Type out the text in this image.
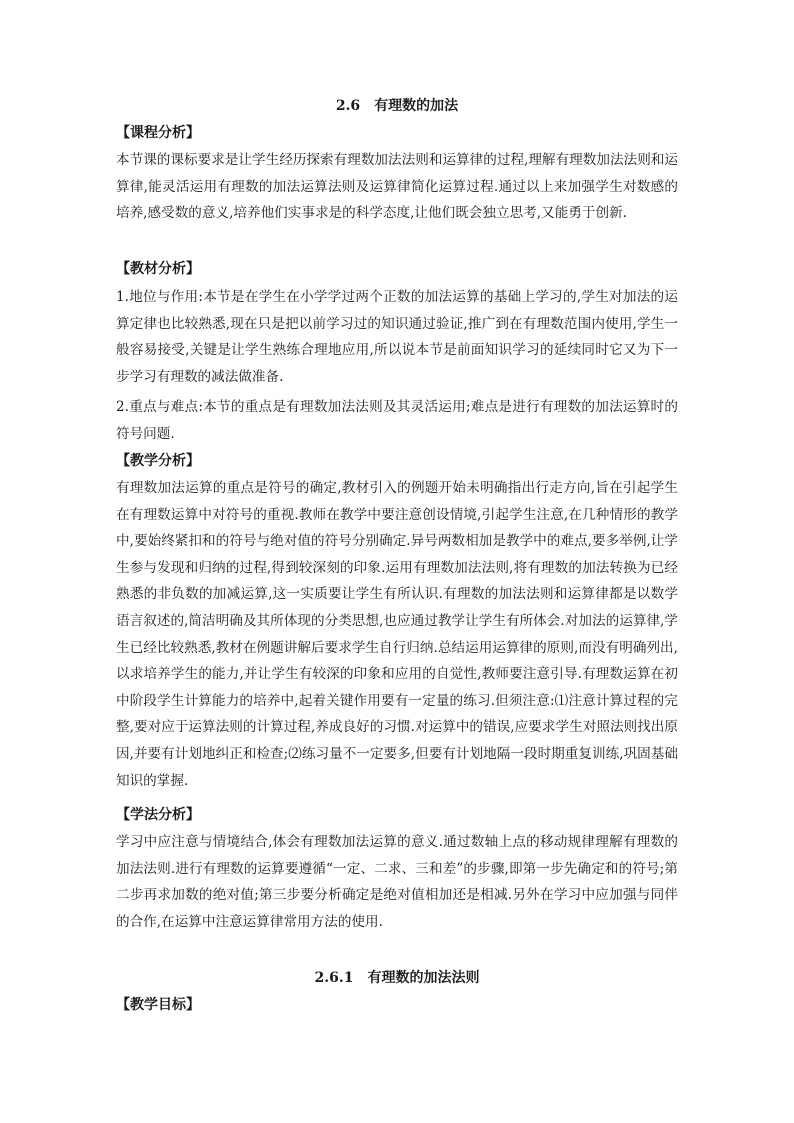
2.6　有理数的加法
【课程分析】

本节课的课标要求是让学生经历探索有理数加法法则和运算律的过程,理解有理数加法法则和运算律,能灵活运用有理数的加法运算法则及运算律简化运算过程.通过以上来加强学生对数感的培养,感受数的意义,培养他们实事求是的科学态度,让他们既会独立思考,又能勇于创新.

【教材分析】

1.地位与作用:本节是在学生在小学学过两个正数的加法运算的基础上学习的,学生对加法的运算定律也比较熟悉,现在只是把以前学习过的知识通过验证,推广到在有理数范围内使用,学生一般容易接受,关键是让学生熟练合理地应用,所以说本节是前面知识学习的延续同时它又为下一步学习有理数的减法做准备.

2.重点与难点:本节的重点是有理数加法法则及其灵活运用;难点是进行有理数的加法运算时的符号问题.

【教学分析】

有理数加法运算的重点是符号的确定,教材引入的例题开始未明确指出行走方向,旨在引起学生在有理数运算中对符号的重视.教师在教学中要注意创设情境,引起学生注意,在几种情形的教学中,要始终紧扣和的符号与绝对值的符号分别确定.异号两数相加是教学中的难点,要多举例,让学生参与发现和归纳的过程,得到较深刻的印象.运用有理数加法法则,将有理数的加法转换为已经熟悉的非负数的加减运算,这一实质要让学生有所认识.有理数的加法法则和运算律都是以数学语言叙述的,简洁明确及其所体现的分类思想,也应通过教学让学生有所体会.对加法的运算律,学生已经比较熟悉,教材在例题讲解后要求学生自行归纳.总结运用运算律的原则,而没有明确列出,以求培养学生的能力,并让学生有较深的印象和应用的自觉性,教师要注意引导.有理数运算在初中阶段学生计算能力的培养中,起着关键作用要有一定量的练习.但须注意:⑴注意计算过程的完整,要对应于运算法则的计算过程,养成良好的习惯.对运算中的错误,应要求学生对照法则找出原因,并要有计划地纠正和检查;⑵练习量不一定要多,但要有计划地隔一段时期重复训练,巩固基础知识的掌握.

【学法分析】

学习中应注意与情境结合,体会有理数加法运算的意义.通过数轴上点的移动规律理解有理数的加法法则.进行有理数的运算要遵循“一定、二求、三和差”的步骤,即第一步先确定和的符号;第二步再求加数的绝对值;第三步要分析确定是绝对值相加还是相减.另外在学习中应加强与同伴的合作,在运算中注意运算律常用方法的使用.

2.6.1　有理数的加法法则
【教学目标】
